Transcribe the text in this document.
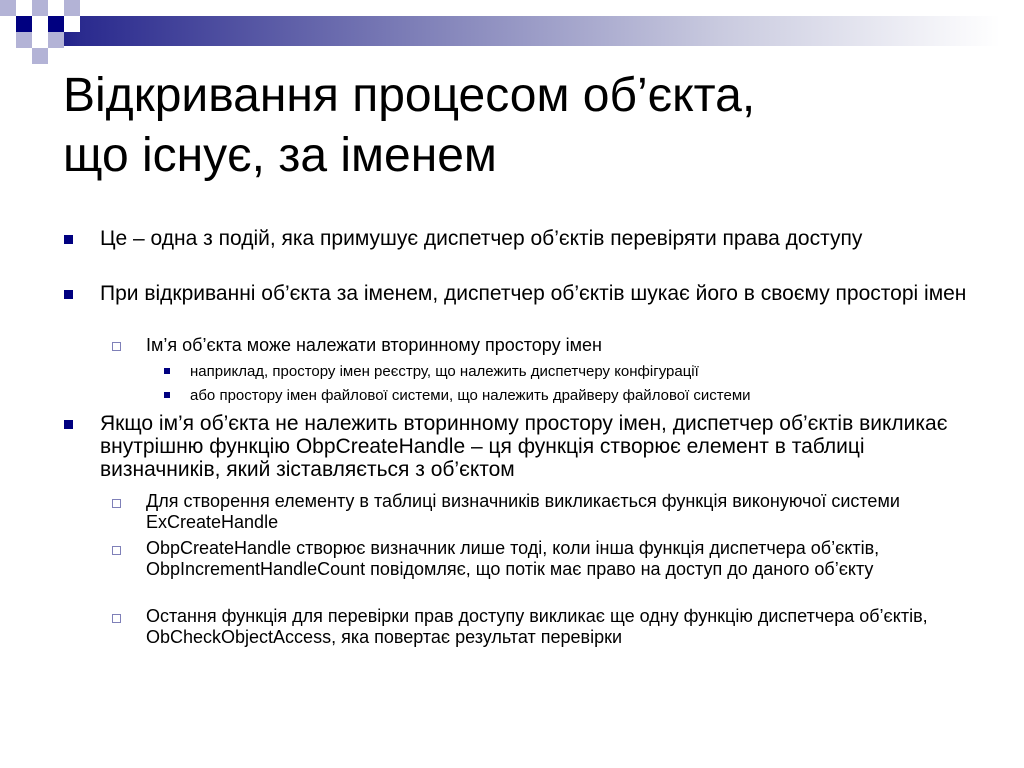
Відкривання процесом об’єкта,
що існує, за іменем
Це – одна з подій, яка примушує диспетчер об’єктів перевіряти права доступу
При відкриванні об’єкта за іменем, диспетчер об’єктів шукає його в своєму просторі імен
Ім’я об’єкта може належати вторинному простору імен
наприклад, простору імен реєстру, що належить диспетчеру конфігурації
або простору імен файлової системи, що належить драйверу файлової системи
Якщо ім’я об’єкта не належить вторинному простору імен, диспетчер об’єктів викликає внутрішню функцію ObpCreateHandle – ця функція створює елемент в таблиці визначників, який зіставляється з об’єктом
Для створення елементу в таблиці визначників викликається функція виконуючої системи ExCreateHandle
ObpCreateHandle створює визначник лише тоді, коли інша функція диспетчера об’єктів, ObpIncrementHandleCount повідомляє, що потік має право на доступ до даного об’єкту
Остання функція для перевірки прав доступу викликає ще одну функцію диспетчера об’єктів, ObCheckObjectAccess, яка повертає результат перевірки
